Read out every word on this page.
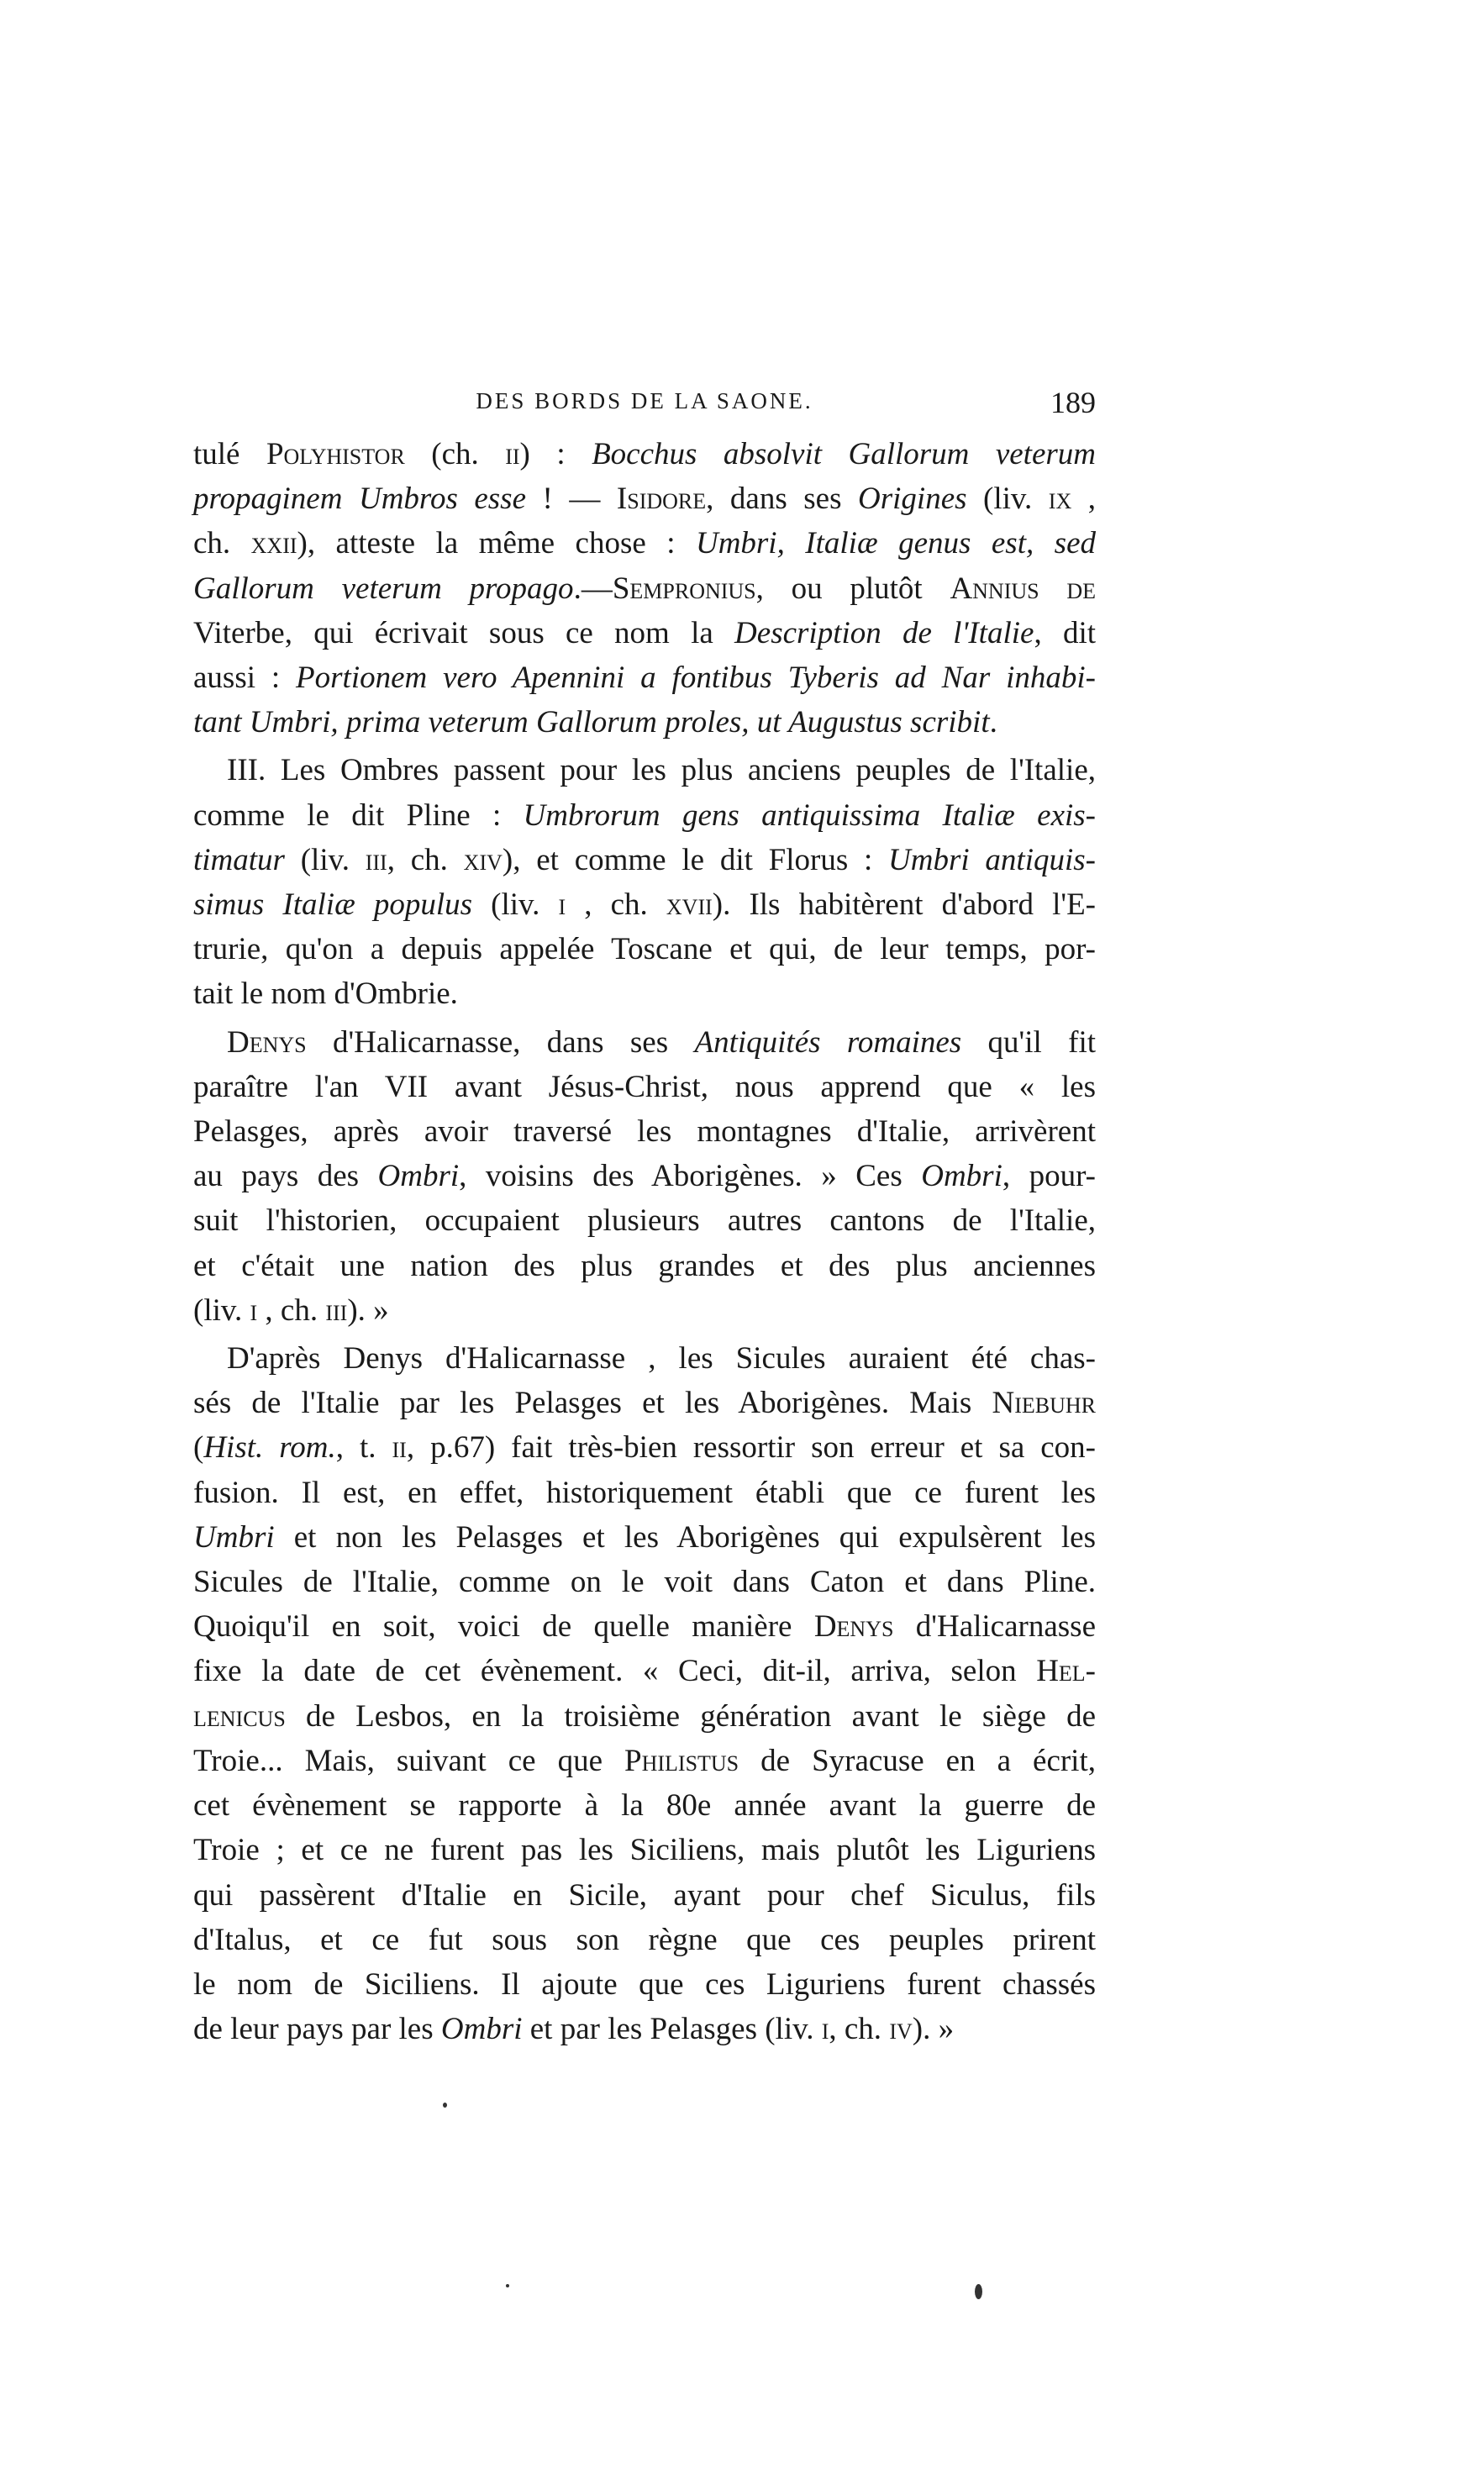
DES BORDS DE LA SAONE.	189

tulé Polyhistor (ch. ii) : Bocchus absolvit Gallorum veterum
propaginem Umbros esse ! — Isidore, dans ses Origines (liv. ix ,
ch. xxii), atteste la même chose : Umbri, Italiæ genus est, sed
Gallorum veterum propago.—Sempronius, ou plutôt Annius de
Viterbe, qui écrivait sous ce nom la Description de l'Italie, dit
aussi : Portionem vero Apennini a fontibus Tyberis ad Nar inhabi-
tant Umbri, prima veterum Gallorum proles, ut Augustus scribit.

III. Les Ombres passent pour les plus anciens peuples de l'Italie,
comme le dit Pline : Umbrorum gens antiquissima Italiæ exis-
timatur (liv. iii, ch. xiv), et comme le dit Florus : Umbri antiquis-
simus Italiæ populus (liv. i , ch. xvii). Ils habitèrent d'abord l'E-
trurie, qu'on a depuis appelée Toscane et qui, de leur temps, por-
tait le nom d'Ombrie.

Denys d'Halicarnasse, dans ses Antiquités romaines qu'il fit
paraître l'an VII avant Jésus-Christ, nous apprend que « les
Pelasges, après avoir traversé les montagnes d'Italie, arrivèrent
au pays des Ombri, voisins des Aborigènes. » Ces Ombri, pour-
suit l'historien, occupaient plusieurs autres cantons de l'Italie,
et c'était une nation des plus grandes et des plus anciennes
(liv. i , ch. iii). »

D'après Denys d'Halicarnasse , les Sicules auraient été chas-
sés de l'Italie par les Pelasges et les Aborigènes. Mais Niebuhr
(Hist. rom., t. ii, p.67) fait très-bien ressortir son erreur et sa con-
fusion. Il est, en effet, historiquement établi que ce furent les
Umbri et non les Pelasges et les Aborigènes qui expulsèrent les
Sicules de l'Italie, comme on le voit dans Caton et dans Pline.
Quoiqu'il en soit, voici de quelle manière Denys d'Halicarnasse
fixe la date de cet évènement. « Ceci, dit-il, arriva, selon Hel-
lenicus de Lesbos, en la troisième génération avant le siège de
Troie... Mais, suivant ce que Philistus de Syracuse en a écrit,
cet évènement se rapporte à la 80e année avant la guerre de
Troie ; et ce ne furent pas les Siciliens, mais plutôt les Liguriens
qui passèrent d'Italie en Sicile, ayant pour chef Siculus, fils
d'Italus, et ce fut sous son règne que ces peuples prirent
le nom de Siciliens. Il ajoute que ces Liguriens furent chassés
de leur pays par les Ombri et par les Pelasges (liv. i, ch. iv). »
